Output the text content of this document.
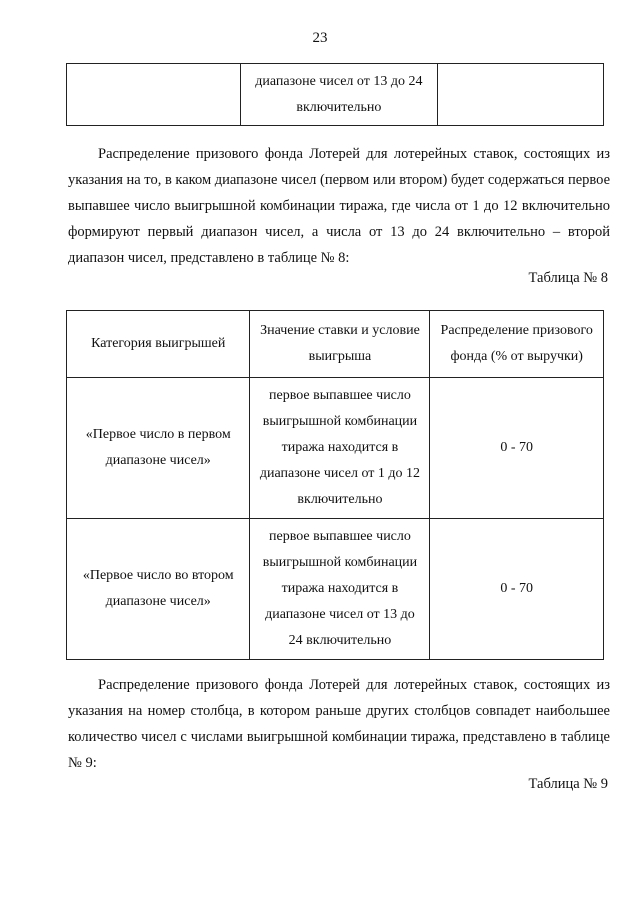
23
	диапазоне чисел от 13 до 24 включительно	

Распределение призового фонда Лотерей для лотерейных ставок, состоящих из указания на то, в каком диапазоне чисел (первом или втором) будет содержаться первое выпавшее число выигрышной комбинации тиража, где числа от 1 до 12 включительно формируют первый диапазон чисел, а числа от 13 до 24 включительно – второй диапазон чисел, представлено в таблице № 8:

Таблица № 8
Категория выигрышей	Значение ставки и условие выигрыша	Распределение призового фонда (% от выручки)
«Первое число в первом диапазоне чисел»	первое выпавшее число выигрышной комбинации тиража находится в диапазоне чисел от 1 до 12 включительно	0 - 70
«Первое число во втором диапазоне чисел»	первое выпавшее число выигрышной комбинации тиража находится в диапазоне чисел от 13 до 24 включительно	0 - 70

Распределение призового фонда Лотерей для лотерейных ставок, состоящих из указания на номер столбца, в котором раньше других столбцов совпадет наибольшее количество чисел с числами выигрышной комбинации тиража, представлено в таблице № 9:

Таблица № 9
